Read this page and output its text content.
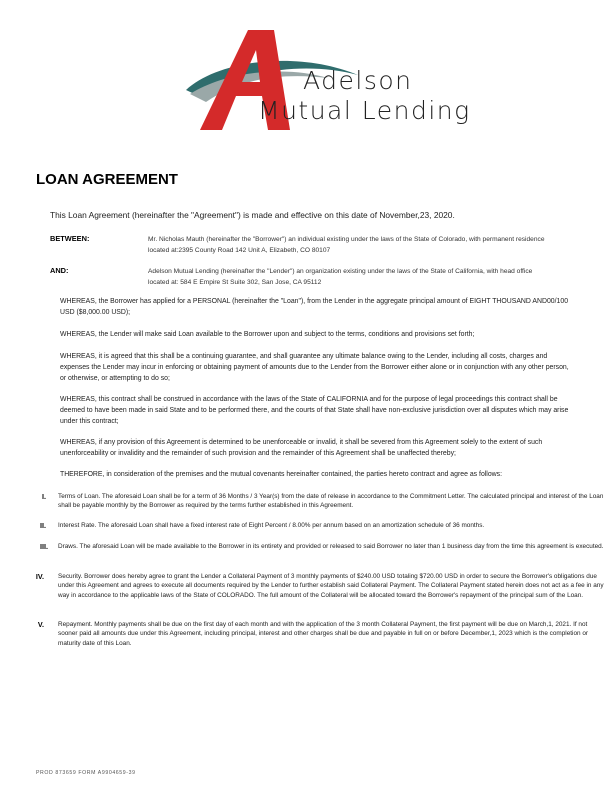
Adelson
Mutual Lending
LOAN AGREEMENT
This Loan Agreement (hereinafter the "Agreement") is made and effective on this date of November,23, 2020.
BETWEEN:	Mr. Nicholas Mauth (hereinafter the "Borrower") an individual existing under the laws of the State of Colorado, with permanent residence
located at:2395 County Road 142 Unit A, Elizabeth, CO 80107
AND:	Adelson Mutual Lending (hereinafter the "Lender") an organization existing under the laws of the State of California, with head office
located at: 584 E Empire St Suite 302, San Jose, CA 95112
WHEREAS, the Borrower has applied for a PERSONAL (hereinafter the "Loan"), from the Lender in the aggregate principal amount of EIGHT THOUSAND AND00/100 USD ($8,000.00 USD);
WHEREAS, the Lender will make said Loan available to the Borrower upon and subject to the terms, conditions and provisions set forth;
WHEREAS, it is agreed that this shall be a continuing guarantee, and shall guarantee any ultimate balance owing to the Lender, including all costs, charges and expenses the Lender may incur in enforcing or obtaining payment of amounts due to the Lender from the Borrower either alone or in conjunction with any other person, or otherwise, or attempting to do so;
WHEREAS, this contract shall be construed in accordance with the laws of the State of CALIFORNIA and for the purpose of legal proceedings this contract shall be deemed to have been made in said State and to be performed there, and the courts of that State shall have non-exclusive jurisdiction over all disputes which may arise under this contract;
WHEREAS, if any provision of this Agreement is determined to be unenforceable or invalid, it shall be severed from this Agreement solely to the extent of such unenforceability or invalidity and the remainder of such provision and the remainder of this Agreement shall be unaffected thereby;
THEREFORE, in consideration of the premises and the mutual covenants hereinafter contained, the parties hereto contract and agree as follows:
I. Terms of Loan. The aforesaid Loan shall be for a term of 36 Months / 3 Year(s) from the date of release in accordance to the Commitment Letter. The calculated principal and interest of the Loan shall be payable monthly by the Borrower as required by the terms further established in this Agreement.
II. Interest Rate. The aforesaid Loan shall have a fixed interest rate of Eight Percent / 8.00% per annum based on an amortization schedule of 36 months.
III. Draws. The aforesaid Loan will be made available to the Borrower in its entirety and provided or released to said Borrower no later than 1 business day from the time this agreement is executed.
IV. Security. Borrower does hereby agree to grant the Lender a Collateral Payment of 3 monthly payments of $240.00 USD totaling $720.00 USD in order to secure the Borrower's obligations due under this Agreement and agrees to execute all documents required by the Lender to further establish said Collateral Payment. The Collateral Payment stated herein does not act as a fee in any way in accordance to the applicable laws of the State of COLORADO. The full amount of the Collateral will be allocated toward the Borrower's repayment of the principal sum of the Loan.
V. Repayment. Monthly payments shall be due on the first day of each month and with the application of the 3 month Collateral Payment, the first payment will be due on March,1, 2021. If not sooner paid all amounts due under this Agreement, including principal, interest and other charges shall be due and payable in full on or before December,1, 2023 which is the completion or maturity date of this Loan.
PROD 873659 FORM A9904659-39
